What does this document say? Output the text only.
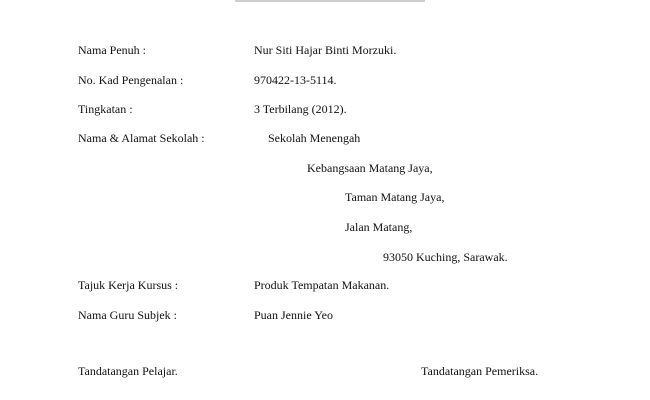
Nama Penuh :	Nur Siti Hajar Binti Morzuki.
No. Kad Pengenalan :	970422-13-5114.
Tingkatan :	3 Terbilang (2012).
Nama & Alamat Sekolah :	Sekolah Menengah
Kebangsaan Matang Jaya,
Taman Matang Jaya,
Jalan Matang,
93050 Kuching, Sarawak.
Tajuk Kerja Kursus :	Produk Tempatan Makanan.
Nama Guru Subjek :	Puan Jennie Yeo
Tandatangan Pelajar.	Tandatangan Pemeriksa.
